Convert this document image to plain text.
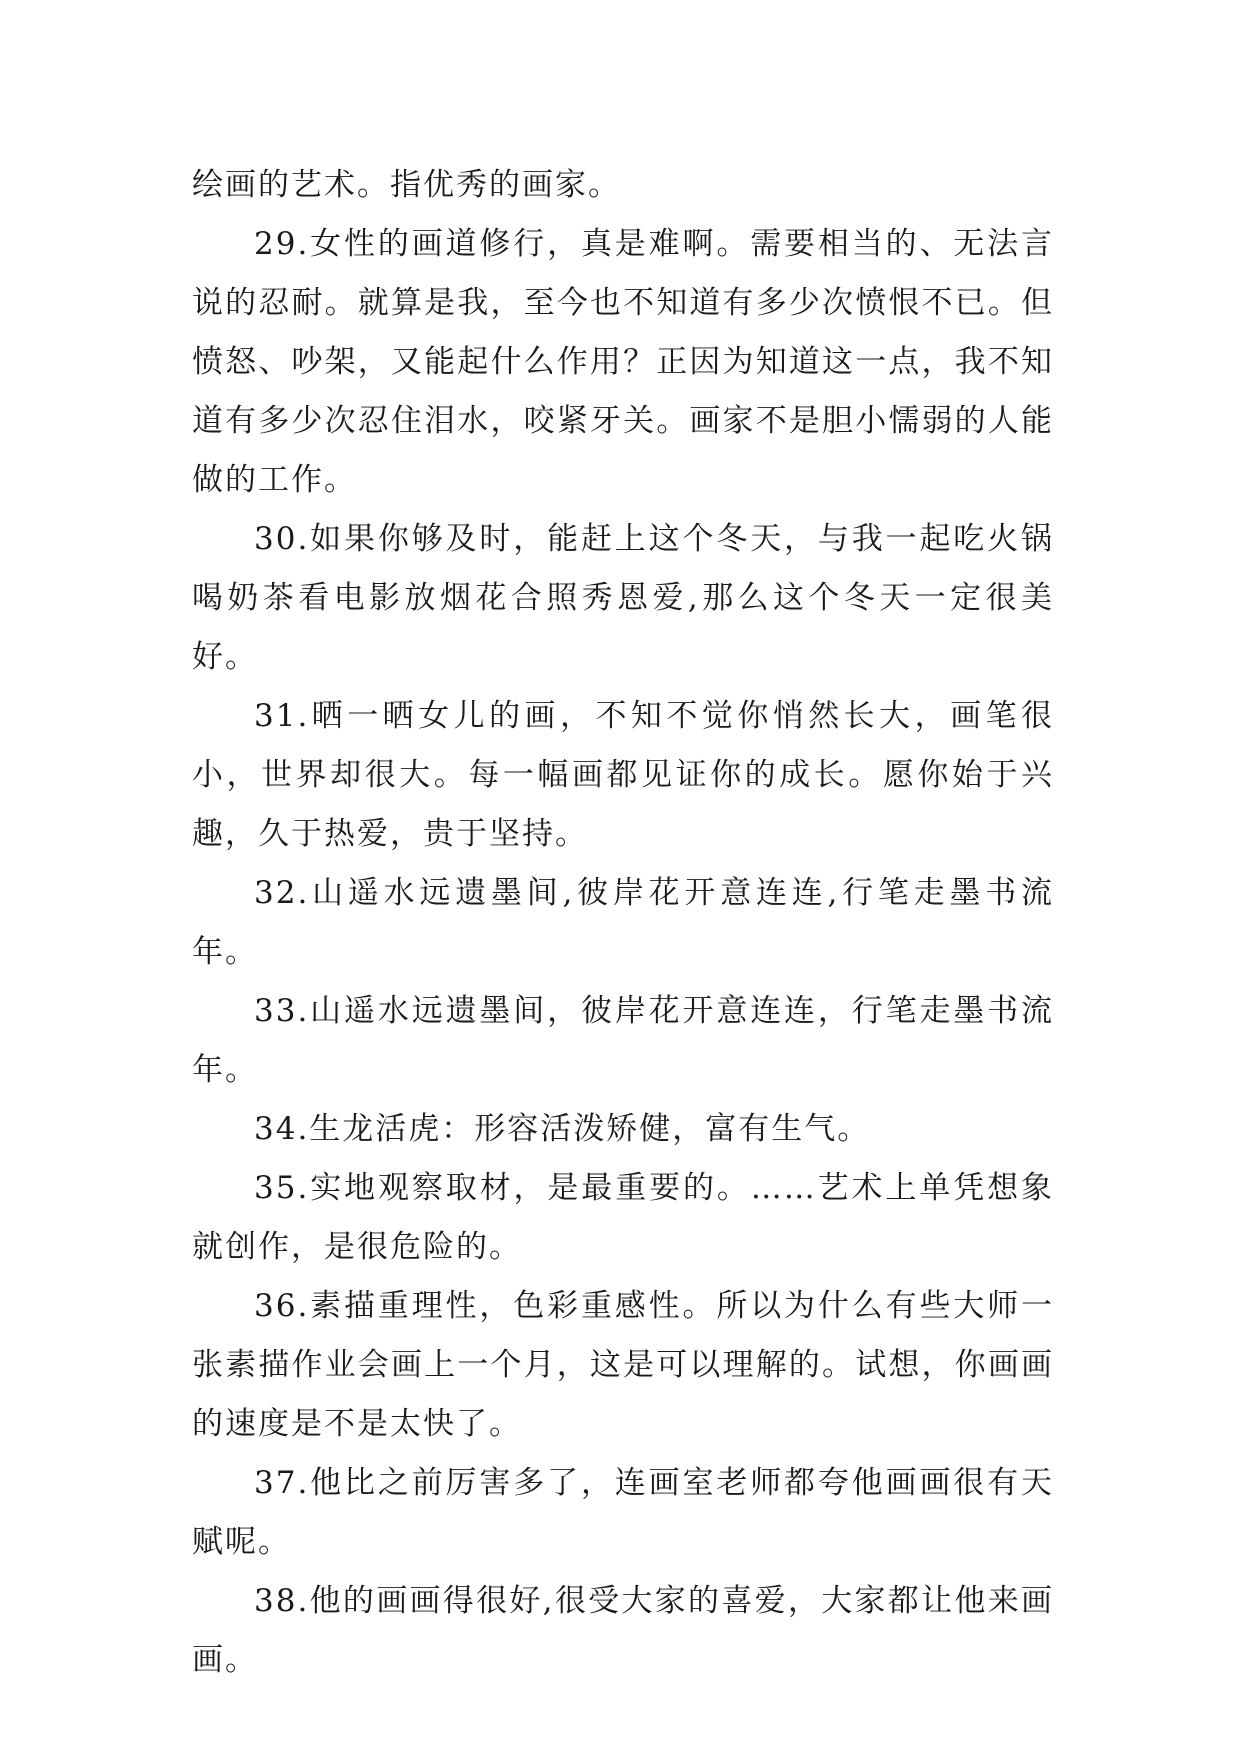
绘画的艺术。指优秀的画家。

29.女性的画道修行，真是难啊。需要相当的、无法言说的忍耐。就算是我，至今也不知道有多少次愤恨不已。但愤怒、吵架，又能起什么作用？正因为知道这一点，我不知道有多少次忍住泪水，咬紧牙关。画家不是胆小懦弱的人能做的工作。

30.如果你够及时，能赶上这个冬天，与我一起吃火锅喝奶茶看电影放烟花合照秀恩爱,那么这个冬天一定很美好。

31.晒一晒女儿的画，不知不觉你悄然长大，画笔很小，世界却很大。每一幅画都见证你的成长。愿你始于兴趣，久于热爱，贵于坚持。

32.山遥水远遗墨间,彼岸花开意连连,行笔走墨书流年。

33.山遥水远遗墨间，彼岸花开意连连，行笔走墨书流年。

34.生龙活虎：形容活泼矫健，富有生气。

35.实地观察取材，是最重要的。……艺术上单凭想象就创作，是很危险的。

36.素描重理性，色彩重感性。所以为什么有些大师一张素描作业会画上一个月，这是可以理解的。试想，你画画的速度是不是太快了。

37.他比之前厉害多了，连画室老师都夸他画画很有天赋呢。

38.他的画画得很好,很受大家的喜爱，大家都让他来画画。
